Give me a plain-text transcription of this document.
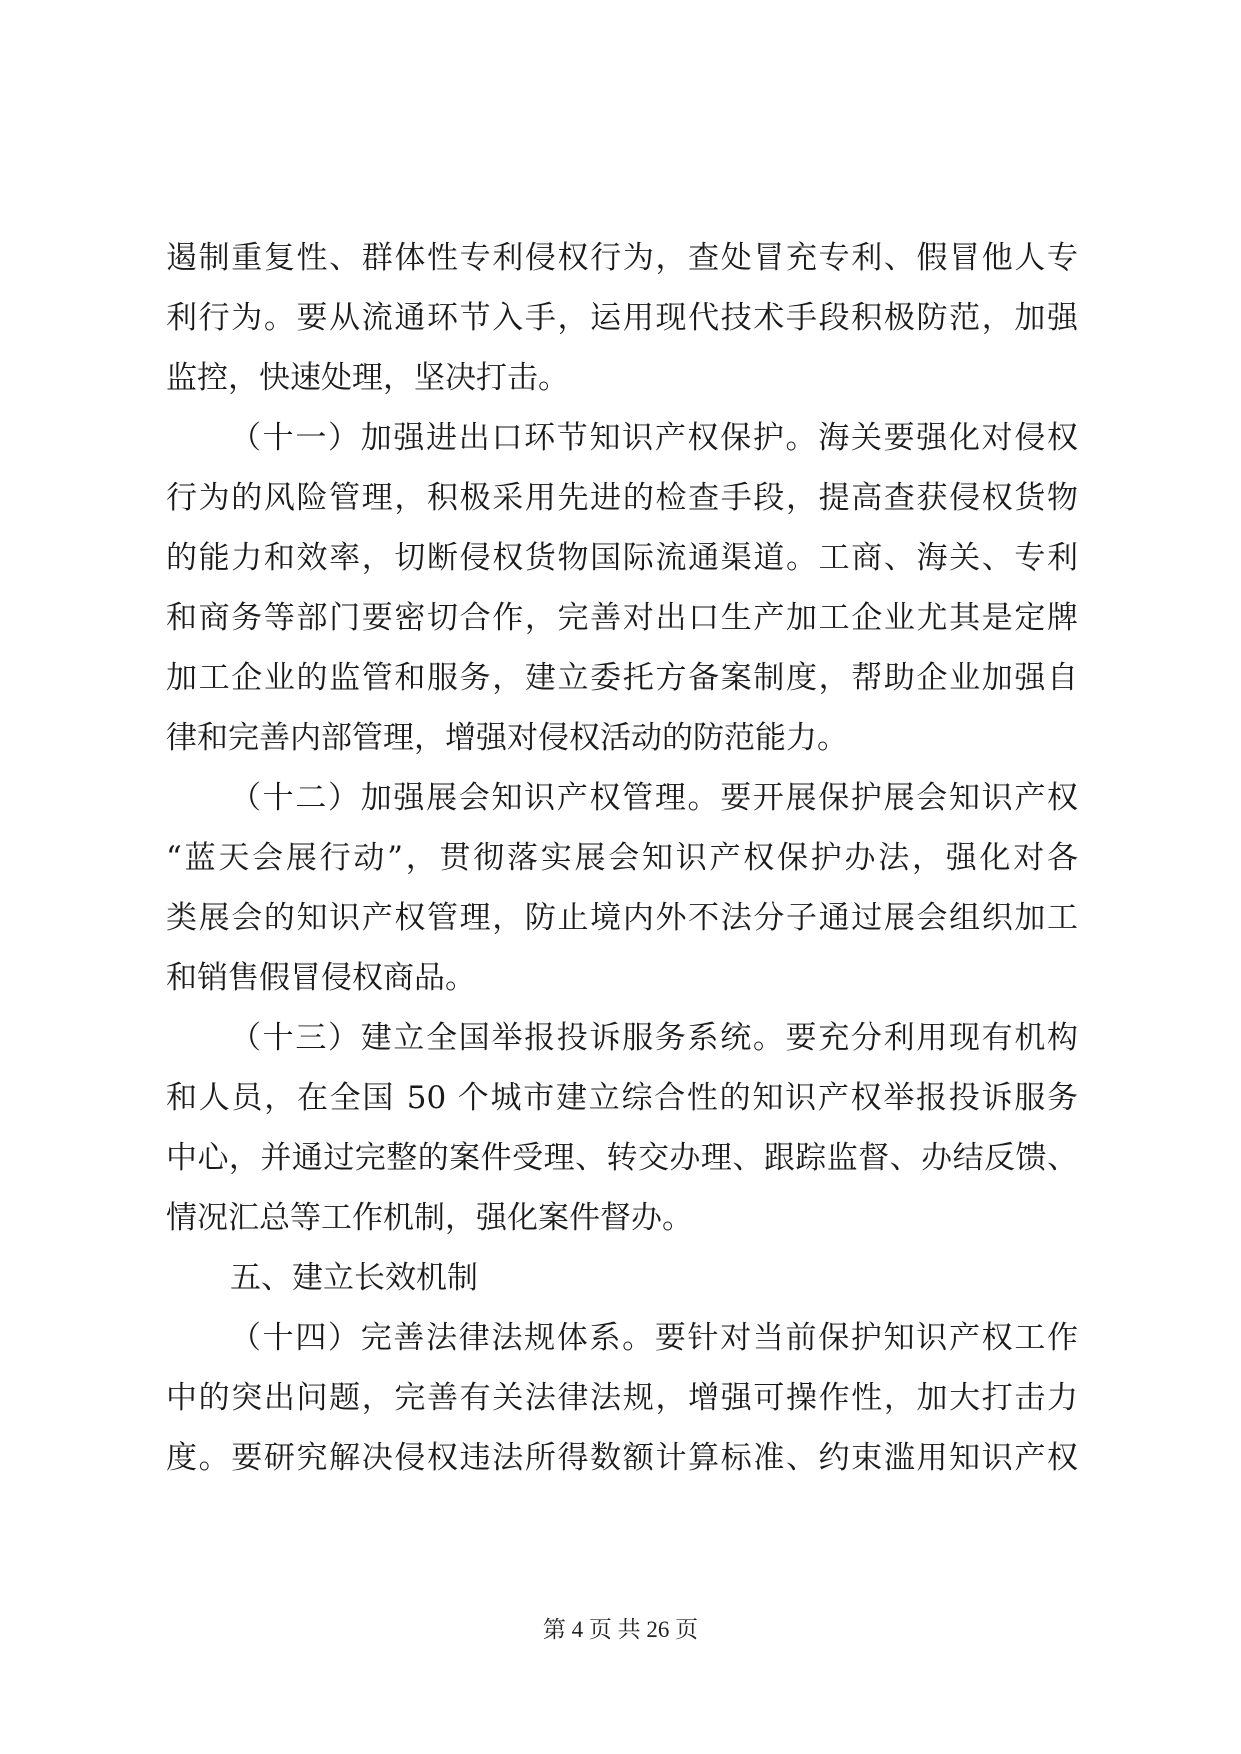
遏制重复性、群体性专利侵权行为，查处冒充专利、假冒他人专
利行为。要从流通环节入手，运用现代技术手段积极防范，加强
监控，快速处理，坚决打击。
（十一）加强进出口环节知识产权保护。海关要强化对侵权
行为的风险管理，积极采用先进的检查手段，提高查获侵权货物
的能力和效率，切断侵权货物国际流通渠道。工商、海关、专利
和商务等部门要密切合作，完善对出口生产加工企业尤其是定牌
加工企业的监管和服务，建立委托方备案制度，帮助企业加强自
律和完善内部管理，增强对侵权活动的防范能力。
（十二）加强展会知识产权管理。要开展保护展会知识产权
“蓝天会展行动”，贯彻落实展会知识产权保护办法，强化对各
类展会的知识产权管理，防止境内外不法分子通过展会组织加工
和销售假冒侵权商品。
（十三）建立全国举报投诉服务系统。要充分利用现有机构
和人员，在全国 50 个城市建立综合性的知识产权举报投诉服务
中心，并通过完整的案件受理、转交办理、跟踪监督、办结反馈、
情况汇总等工作机制，强化案件督办。
五、建立长效机制
（十四）完善法律法规体系。要针对当前保护知识产权工作
中的突出问题，完善有关法律法规，增强可操作性，加大打击力
度。要研究解决侵权违法所得数额计算标准、约束滥用知识产权
第 4 页 共 26 页
